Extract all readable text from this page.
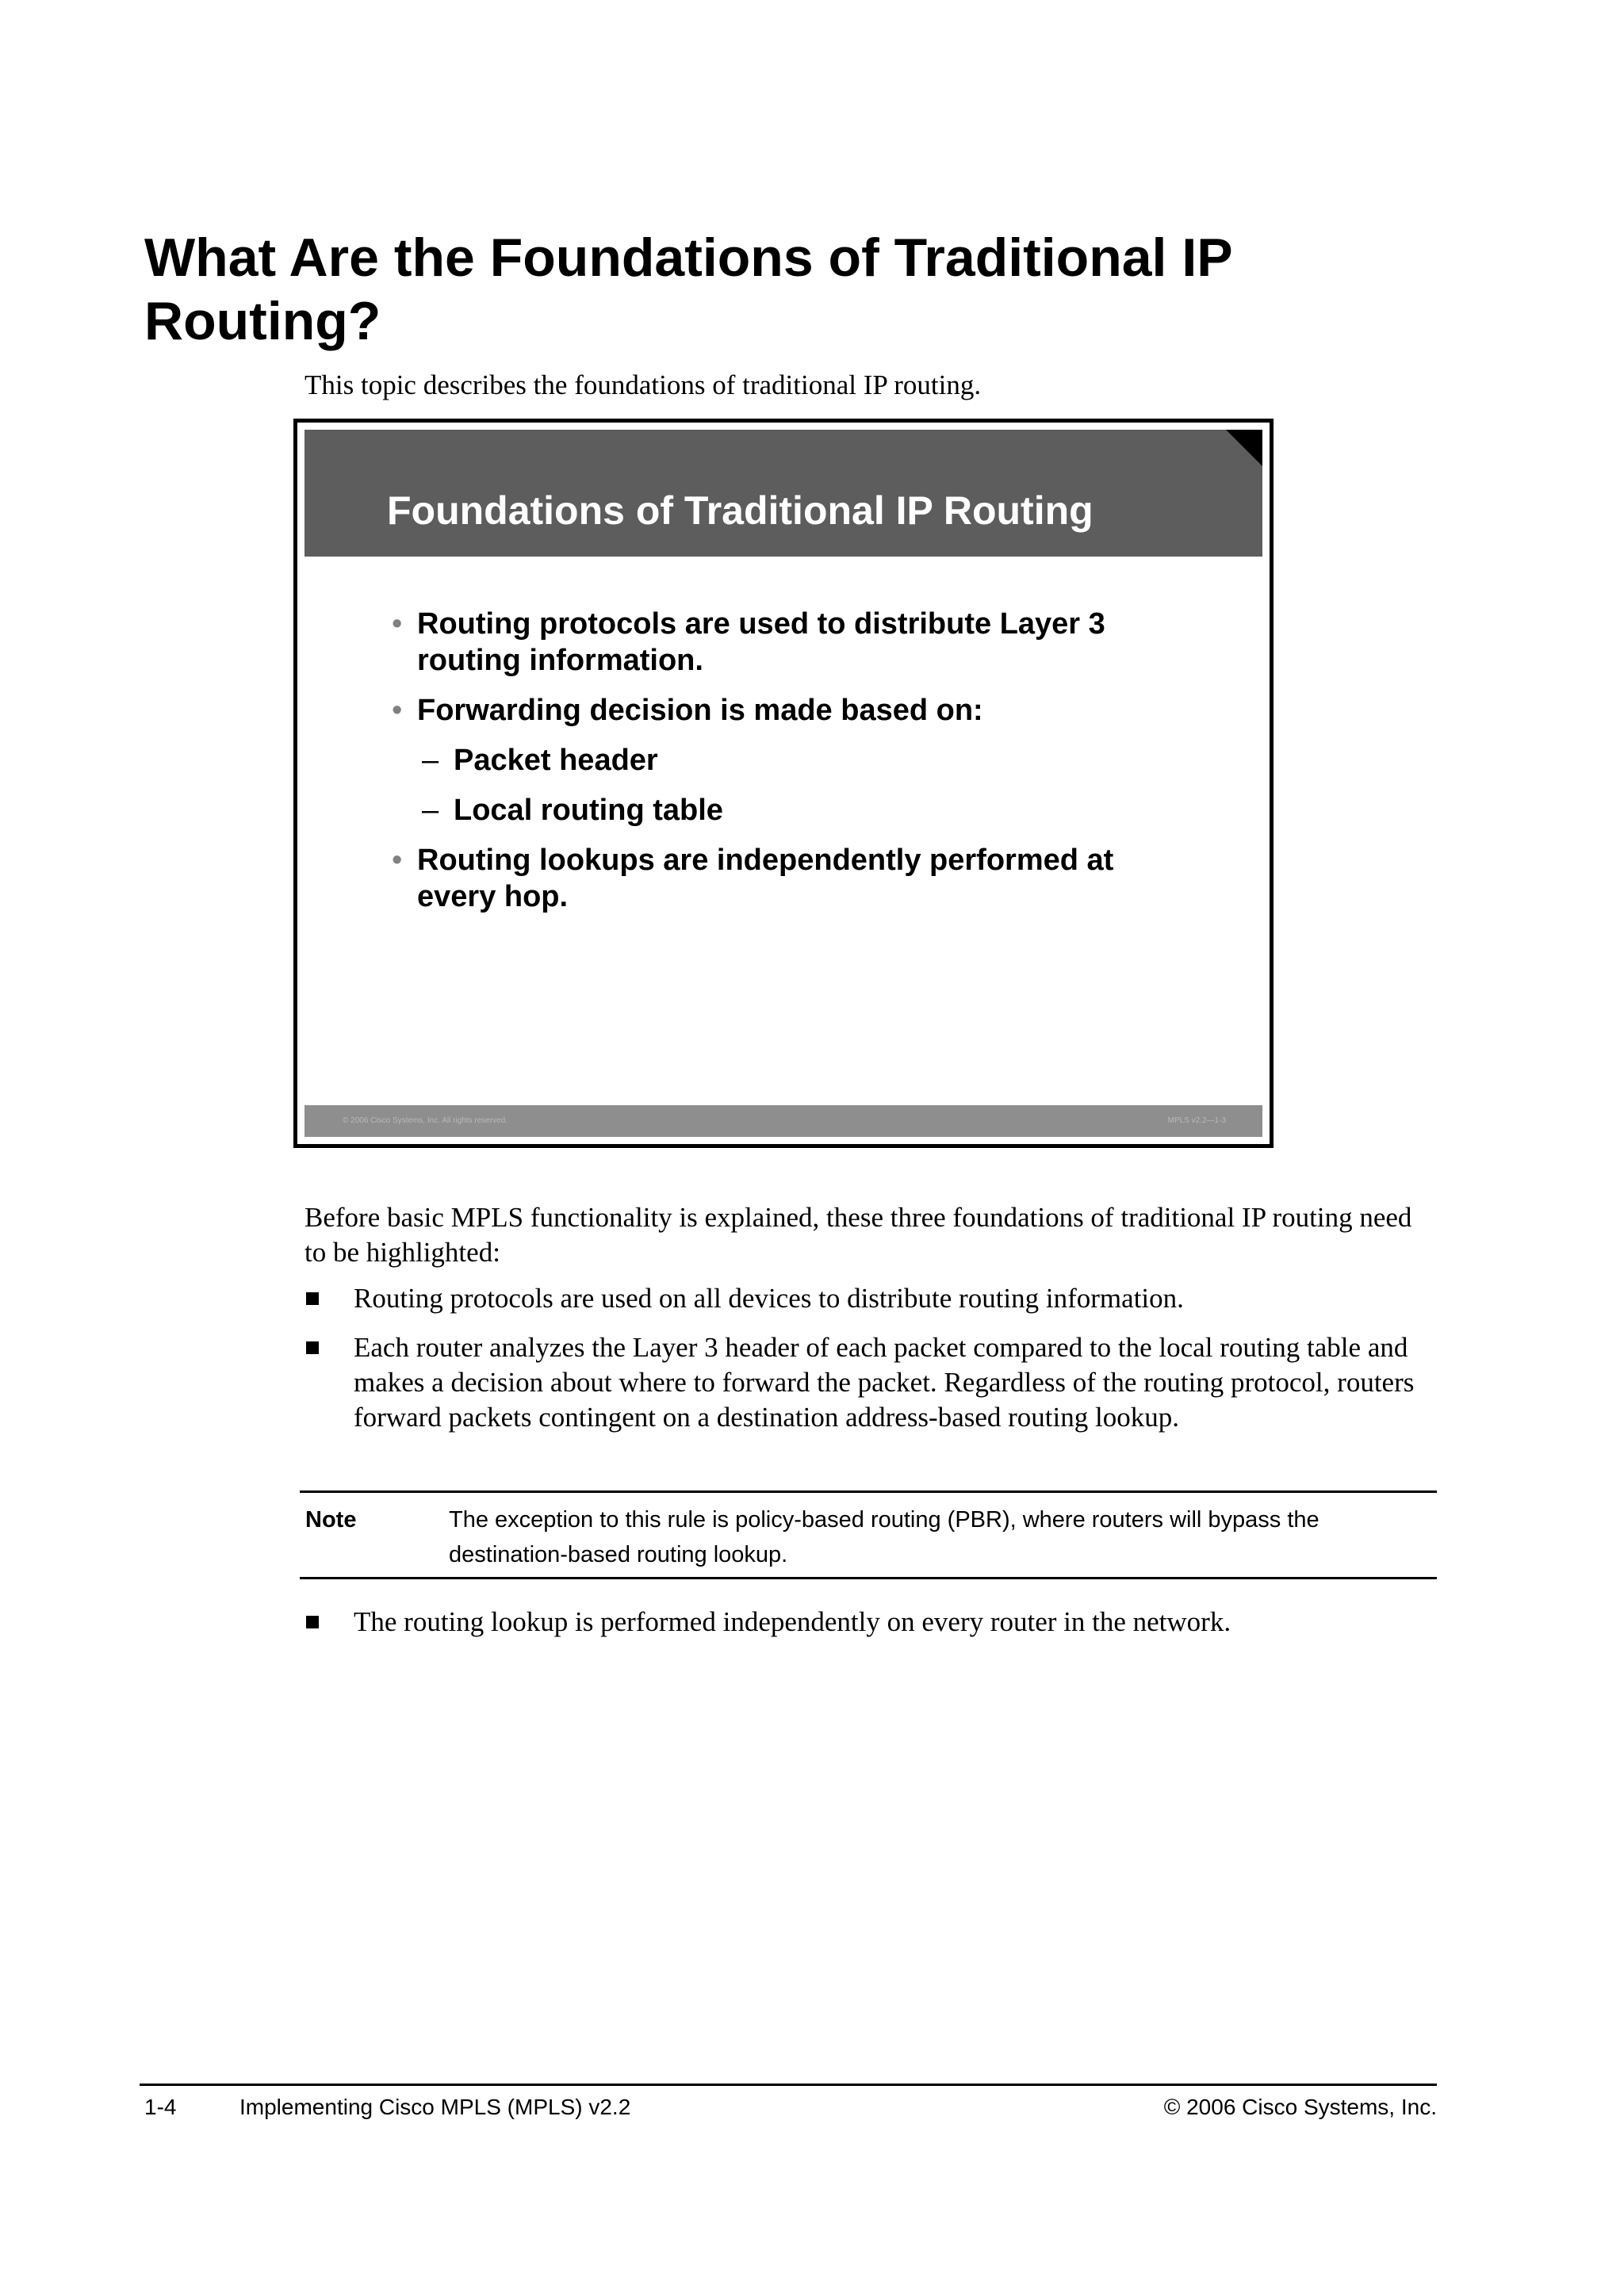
What Are the Foundations of Traditional IP Routing?
This topic describes the foundations of traditional IP routing.
Foundations of Traditional IP Routing
• Routing protocols are used to distribute Layer 3 routing information.
• Forwarding decision is made based on:
– Packet header
– Local routing table
• Routing lookups are independently performed at every hop.
© 2006 Cisco Systems, Inc. All rights reserved.	MPLS v2.2—1-3
Before basic MPLS functionality is explained, these three foundations of traditional IP routing need to be highlighted:
Routing protocols are used on all devices to distribute routing information.
Each router analyzes the Layer 3 header of each packet compared to the local routing table and makes a decision about where to forward the packet. Regardless of the routing protocol, routers forward packets contingent on a destination address-based routing lookup.
Note	The exception to this rule is policy-based routing (PBR), where routers will bypass the destination-based routing lookup.
The routing lookup is performed independently on every router in the network.
1-4	Implementing Cisco MPLS (MPLS) v2.2	© 2006 Cisco Systems, Inc.
